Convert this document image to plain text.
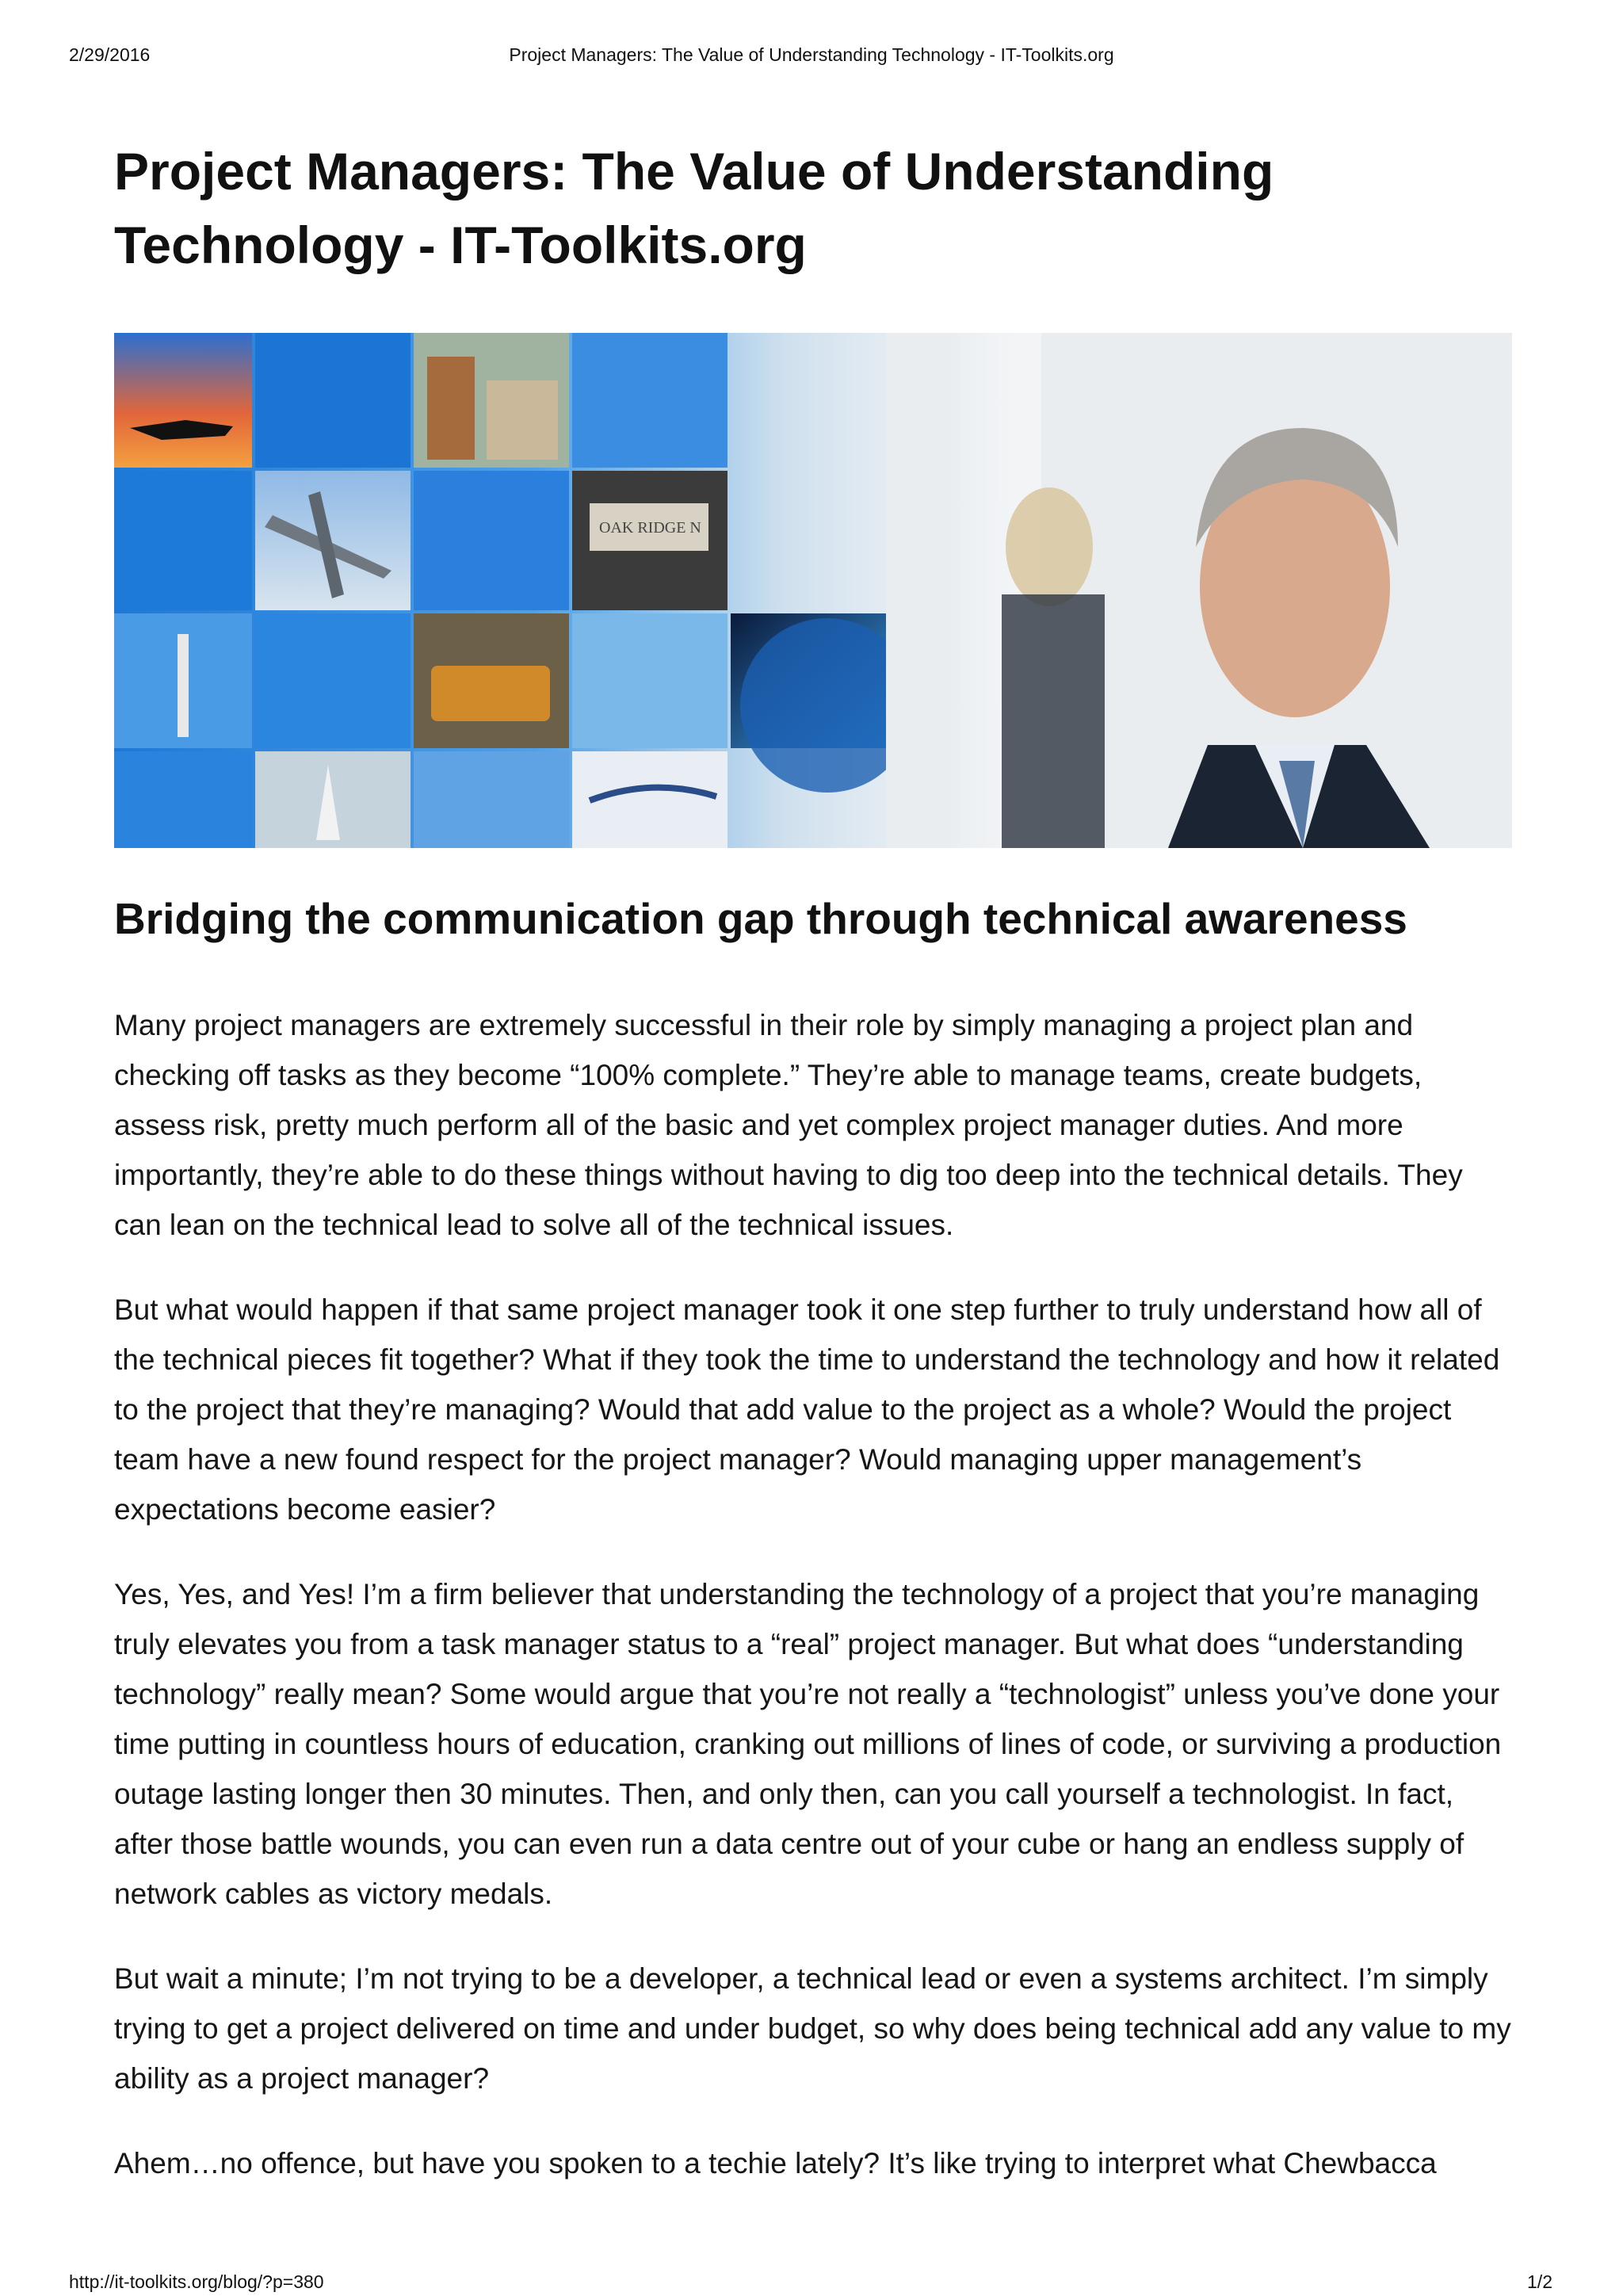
2/29/2016	Project Managers: The Value of Understanding Technology - IT-Toolkits.org
Project Managers: The Value of Understanding Technology - IT-Toolkits.org
OAK RIDGE N
Bridging the communication gap through technical awareness

Many project managers are extremely successful in their role by simply managing a project plan and checking off tasks as they become “100% complete.” They’re able to manage teams, create budgets, assess risk, pretty much perform all of the basic and yet complex project manager duties. And more importantly, they’re able to do these things without having to dig too deep into the technical details. They can lean on the technical lead to solve all of the technical issues.

But what would happen if that same project manager took it one step further to truly understand how all of the technical pieces fit together? What if they took the time to understand the technology and how it related to the project that they’re managing? Would that add value to the project as a whole? Would the project team have a new found respect for the project manager? Would managing upper management’s expectations become easier?

Yes, Yes, and Yes! I’m a firm believer that understanding the technology of a project that you’re managing truly elevates you from a task manager status to a “real” project manager. But what does “understanding technology” really mean? Some would argue that you’re not really a “technologist” unless you’ve done your time putting in countless hours of education, cranking out millions of lines of code, or surviving a production outage lasting longer then 30 minutes. Then, and only then, can you call yourself a technologist. In fact, after those battle wounds, you can even run a data centre out of your cube or hang an endless supply of network cables as victory medals.

But wait a minute; I’m not trying to be a developer, a technical lead or even a systems architect. I’m simply trying to get a project delivered on time and under budget, so why does being technical add any value to my ability as a project manager?

Ahem…no offence, but have you spoken to a techie lately? It’s like trying to interpret what Chewbacca

http://it-toolkits.org/blog/?p=380	1/2
